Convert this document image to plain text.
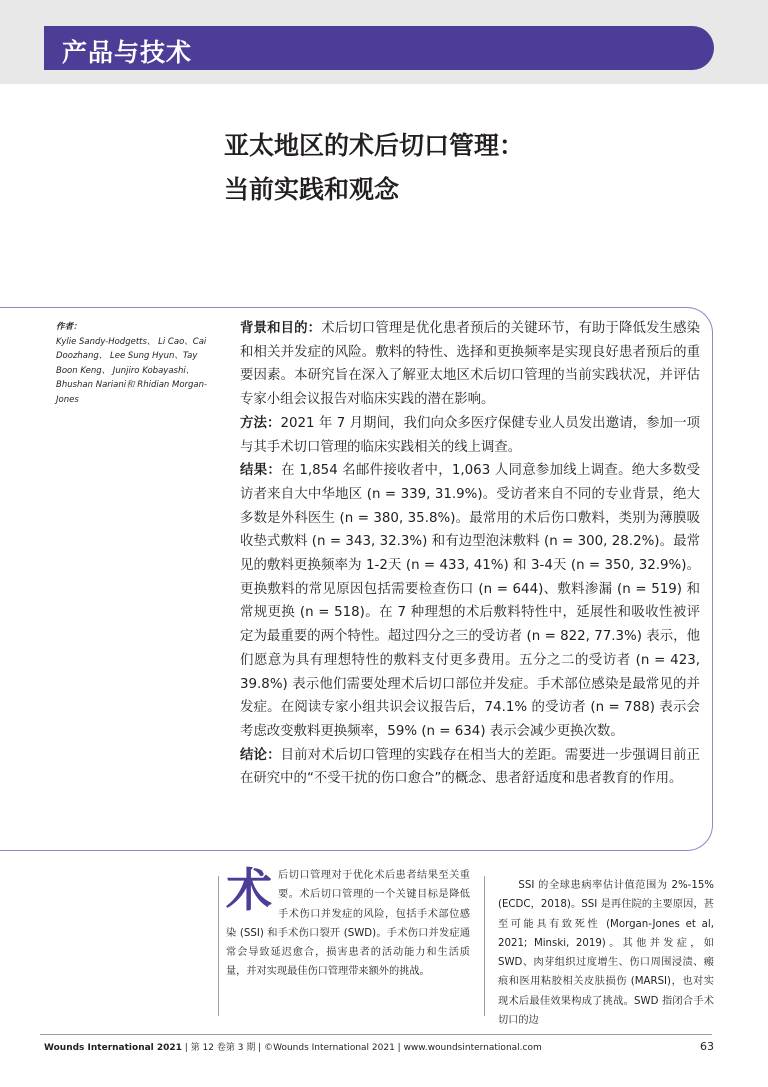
产品与技术
亚太地区的术后切口管理：
当前实践和观念
作者：
Kylie Sandy-Hodgetts、 Li Cao、Cai Doozhang、 Lee Sung Hyun、Tay Boon Keng、 Junjiro Kobayashi、Bhushan Nariani和 Rhidian Morgan-Jones

背景和目的：术后切口管理是优化患者预后的关键环节，有助于降低发生感染和相关并发症的风险。敷料的特性、选择和更换频率是实现良好患者预后的重要因素。本研究旨在深入了解亚太地区术后切口管理的当前实践状况，并评估专家小组会议报告对临床实践的潜在影响。

方法：2021 年 7 月期间，我们向众多医疗保健专业人员发出邀请，参加一项与其手术切口管理的临床实践相关的线上调查。

结果：在 1,854 名邮件接收者中，1,063 人同意参加线上调查。绝大多数受访者来自大中华地区 (n = 339, 31.9%)。受访者来自不同的专业背景，绝大多数是外科医生 (n = 380, 35.8%)。最常用的术后伤口敷料，类别为薄膜吸收垫式敷料 (n = 343, 32.3%) 和有边型泡沫敷料 (n = 300, 28.2%)。最常见的敷料更换频率为 1-2天 (n = 433, 41%) 和 3-4天 (n = 350, 32.9%)。更换敷料的常见原因包括需要检查伤口 (n = 644)、敷料渗漏 (n = 519) 和常规更换 (n = 518)。在 7 种理想的术后敷料特性中，延展性和吸收性被评定为最重要的两个特性。超过四分之三的受访者 (n = 822, 77.3%) 表示，他们愿意为具有理想特性的敷料支付更多费用。五分之二的受访者 (n = 423, 39.8%) 表示他们需要处理术后切口部位并发症。手术部位感染是最常见的并发症。在阅读专家小组共识会议报告后，74.1% 的受访者 (n = 788) 表示会考虑改变敷料更换频率，59% (n = 634) 表示会减少更换次数。

结论：目前对术后切口管理的实践存在相当大的差距。需要进一步强调目前正在研究中的“不受干扰的伤口愈合”的概念、患者舒适度和患者教育的作用。

术后切口管理对于优化术后患者结果至关重要。术后切口管理的一个关键目标是降低手术伤口并发症的风险，包括手术部位感染 (SSI) 和手术伤口裂开 (SWD)。手术伤口并发症通常会导致延迟愈合，损害患者的活动能力和生活质量，并对实现最佳伤口管理带来额外的挑战。
SSI 的全球患病率估计值范围为 2%-15% (ECDC，2018)。SSI 是再住院的主要原因，甚至可能具有致死性 (Morgan-Jones et al, 2021; Minski, 2019)。其他并发症，如 SWD、肉芽组织过度增生、伤口周围浸渍、瘢痕和医用粘胶相关皮肤损伤 (MARSI)，也对实现术后最佳效果构成了挑战。SWD 指闭合手术切口的边
Wounds International 2021 | 第 12 卷第 3 期 | ©Wounds International 2021 | www.woundsinternational.com	63
